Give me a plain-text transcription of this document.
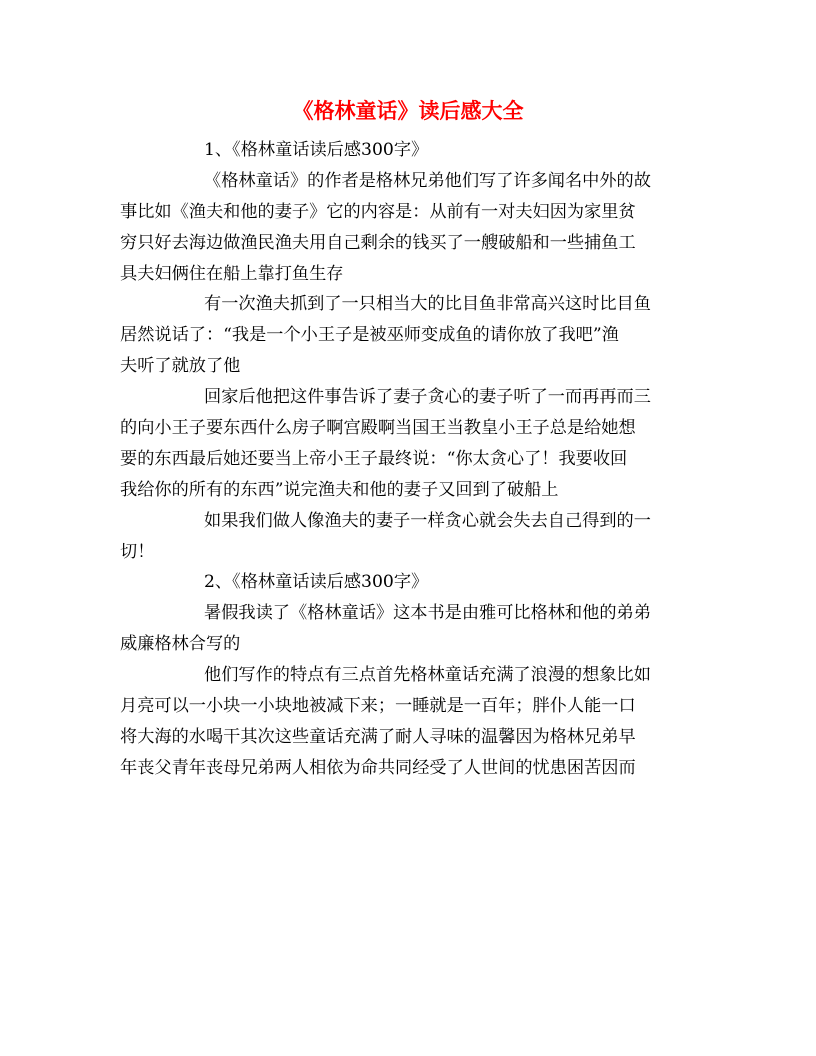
《格林童话》读后感大全
1、《格林童话读后感300字》
《格林童话》的作者是格林兄弟他们写了许多闻名中外的故
事比如《渔夫和他的妻子》它的内容是：从前有一对夫妇因为家里贫
穷只好去海边做渔民渔夫用自己剩余的钱买了一艘破船和一些捕鱼工
具夫妇俩住在船上靠打鱼生存
有一次渔夫抓到了一只相当大的比目鱼非常高兴这时比目鱼
居然说话了：“我是一个小王子是被巫师变成鱼的请你放了我吧”渔
夫听了就放了他
回家后他把这件事告诉了妻子贪心的妻子听了一而再再而三
的向小王子要东西什么房子啊宫殿啊当国王当教皇小王子总是给她想
要的东西最后她还要当上帝小王子最终说：“你太贪心了！我要收回
我给你的所有的东西”说完渔夫和他的妻子又回到了破船上
如果我们做人像渔夫的妻子一样贪心就会失去自己得到的一
切！
2、《格林童话读后感300字》
暑假我读了《格林童话》这本书是由雅可比格林和他的弟弟
威廉格林合写的
他们写作的特点有三点首先格林童话充满了浪漫的想象比如
月亮可以一小块一小块地被减下来；一睡就是一百年；胖仆人能一口
将大海的水喝干其次这些童话充满了耐人寻味的温馨因为格林兄弟早
年丧父青年丧母兄弟两人相依为命共同经受了人世间的忧患困苦因而
